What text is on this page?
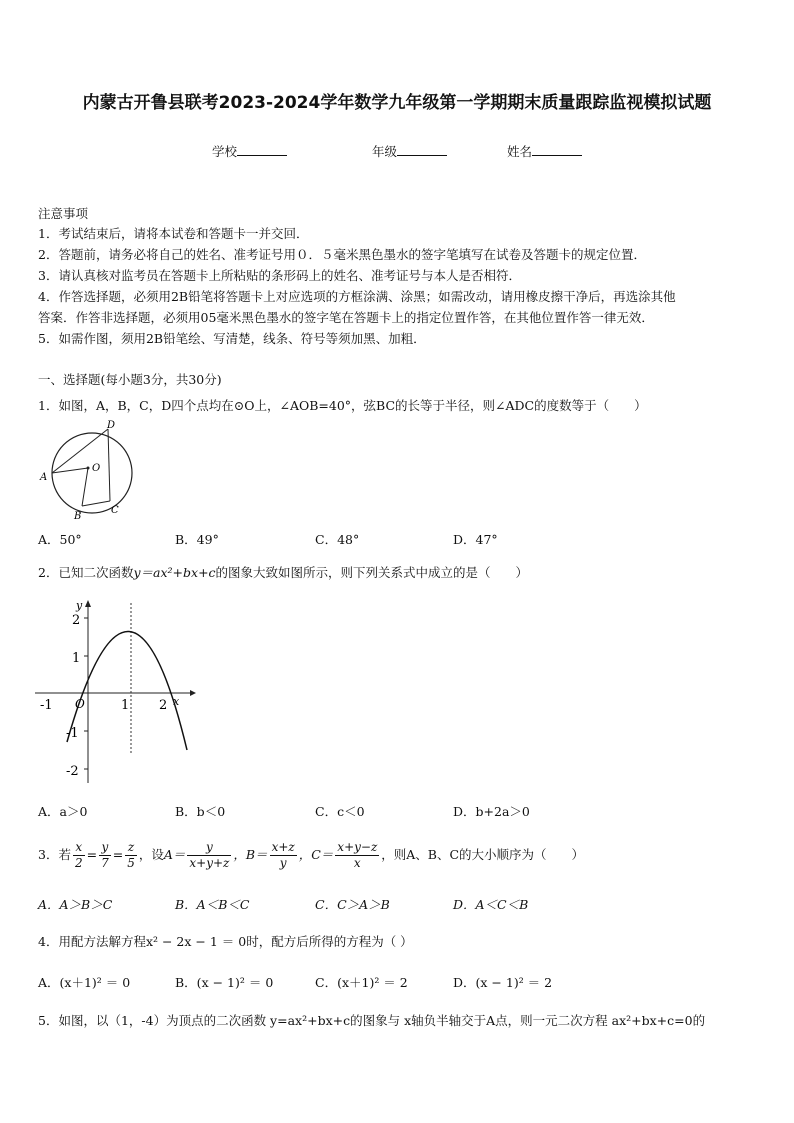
内蒙古开鲁县联考2023-2024学年数学九年级第一学期期末质量跟踪监视模拟试题
学校	年级	姓名
注意事项
1．考试结束后，请将本试卷和答题卡一并交回．
2．答题前，请务必将自己的姓名、准考证号用０．５毫米黑色墨水的签字笔填写在试卷及答题卡的规定位置．
3．请认真核对监考员在答题卡上所粘贴的条形码上的姓名、准考证号与本人是否相符．
4．作答选择题，必须用2B铅笔将答题卡上对应选项的方框涂满、涂黑；如需改动，请用橡皮擦干净后，再选涂其他
答案．作答非选择题，必须用05毫米黑色墨水的签字笔在答题卡上的指定位置作答，在其他位置作答一律无效．
5．如需作图，须用2B铅笔绘、写清楚，线条、符号等须加黑、加粗．
一、选择题(每小题3分，共30分)
1．如图，A，B，C，D四个点均在⊙O上，∠AOB=40°，弦BC的长等于半径，则∠ADC的度数等于（　　）
A
B
C
D
O
A．50°	B．49°	C．48°	D．47°
2．已知二次函数y＝ax²+bx+c的图象大致如图所示，则下列关系式中成立的是（　　）
y
x
O
2
1
-1
-2
-1	1 2
A．a＞0	B．b＜0	C．c＜0	D．b+2a＞0
3．若 $\frac{x}{2} = \frac{y}{7} = \frac{z}{5}$ ，设$A= \frac{y}{x+y+z}$ ，$B= \frac{x+z}{y}$ ，$C= \frac{x+y-z}{x}$ ，则A、B、C的大小顺序为（　　）
A．A＞B＞C	B．A＜B＜C	C．C＞A＞B	D．A＜C＜B
4．用配方法解方程x² − 2x − 1 ＝ 0时，配方后所得的方程为（ ）
A．(x＋1)² ＝ 0	B．(x − 1)² ＝ 0	C．(x＋1)² ＝ 2	D．(x − 1)² ＝ 2
5．如图，以（1，-4）为顶点的二次函数 y=ax²+bx+c的图象与 x轴负半轴交于A点，则一元二次方程 ax²+bx+c=0的
